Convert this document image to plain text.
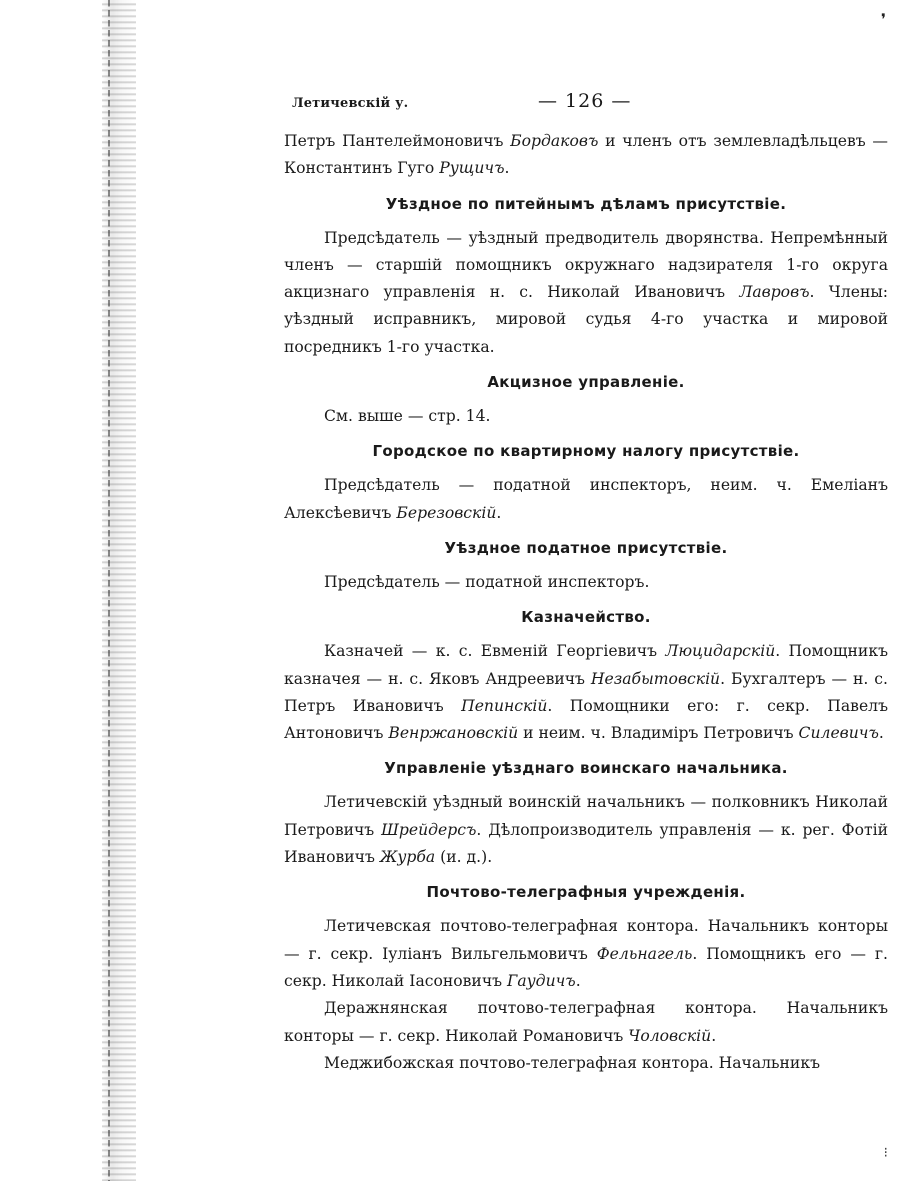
❜
⁝
Летичевскій у.	— 126 —

Петръ Пантелеймоновичъ Бордаковъ и членъ отъ землевладѣльцевъ — Константинъ Гуго Рущичъ.

Уѣздное по питейнымъ дѣламъ присутствіе.

Предсѣдатель — уѣздный предводитель дворянства. Непремѣнный членъ — старшій помощникъ окружнаго надзирателя 1-го округа акцизнаго управленія н. с. Николай Ивановичъ Лавровъ. Члены: уѣздный исправникъ, мировой судья 4-го участка и мировой посредникъ 1-го участка.

Акцизное управленіе.

См. выше — стр. 14.

Городское по квартирному налогу присутствіе.

Предсѣдатель — податной инспекторъ, неим. ч. Емеліанъ Алексѣевичъ Березовскій.

Уѣздное податное присутствіе.

Предсѣдатель — податной инспекторъ.

Казначейство.

Казначей — к. с. Евменій Георгіевичъ Люцидарскій. Помощникъ казначея — н. с. Яковъ Андреевичъ Незабытовскій. Бухгалтеръ — н. с. Петръ Ивановичъ Пепинскій. Помощники его: г. секр. Павелъ Антоновичъ Венржановскій и неим. ч. Владиміръ Петровичъ Силевичъ.

Управленіе уѣзднаго воинскаго начальника.

Летичевскій уѣздный воинскій начальникъ — полковникъ Николай Петровичъ Шрейдерсъ. Дѣлопроизводитель управленія — к. рег. Фотій Ивановичъ Журба (и. д.).

Почтово-телеграфныя учрежденія.

Летичевская почтово-телеграфная контора. Начальникъ конторы — г. секр. Іуліанъ Вильгельмовичъ Фельнагель. Помощникъ его — г. секр. Николай Іасоновичъ Гаудичъ.

Деражнянская почтово-телеграфная контора. Начальникъ конторы — г. секр. Николай Романовичъ Чоловскій.

Меджибожская почтово-телеграфная контора. Начальникъ
